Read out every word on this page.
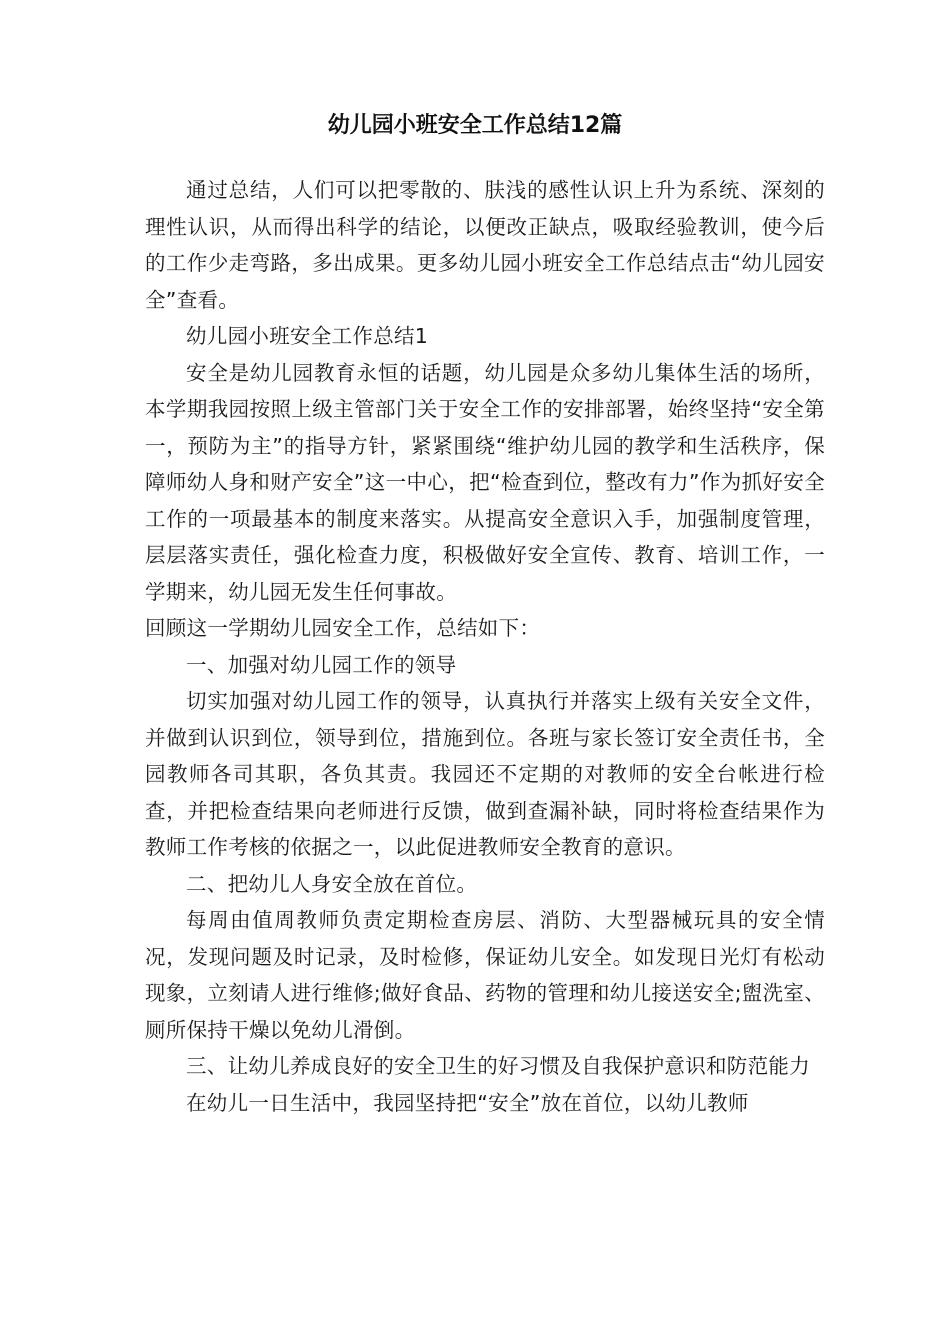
幼儿园小班安全工作总结12篇

通过总结，人们可以把零散的、肤浅的感性认识上升为系统、深刻的理性认识，从而得出科学的结论，以便改正缺点，吸取经验教训，使今后的工作少走弯路，多出成果。更多幼儿园小班安全工作总结点击“幼儿园安全”查看。

幼儿园小班安全工作总结1

安全是幼儿园教育永恒的话题，幼儿园是众多幼儿集体生活的场所，本学期我园按照上级主管部门关于安全工作的安排部署，始终坚持“安全第一，预防为主”的指导方针，紧紧围绕“维护幼儿园的教学和生活秩序，保障师幼人身和财产安全”这一中心，把“检查到位，整改有力”作为抓好安全工作的一项最基本的制度来落实。从提高安全意识入手，加强制度管理，层层落实责任，强化检查力度，积极做好安全宣传、教育、培训工作，一学期来，幼儿园无发生任何事故。

回顾这一学期幼儿园安全工作，总结如下：

一、加强对幼儿园工作的领导

切实加强对幼儿园工作的领导，认真执行并落实上级有关安全文件，并做到认识到位，领导到位，措施到位。各班与家长签订安全责任书，全园教师各司其职，各负其责。我园还不定期的对教师的安全台帐进行检查，并把检查结果向老师进行反馈，做到查漏补缺，同时将检查结果作为教师工作考核的依据之一，以此促进教师安全教育的意识。

二、把幼儿人身安全放在首位。

每周由值周教师负责定期检查房层、消防、大型器械玩具的安全情况，发现问题及时记录，及时检修，保证幼儿安全。如发现日光灯有松动现象，立刻请人进行维修;做好食品、药物的管理和幼儿接送安全;盥洗室、厕所保持干燥以免幼儿滑倒。

三、让幼儿养成良好的安全卫生的好习惯及自我保护意识和防范能力

在幼儿一日生活中，我园坚持把“安全”放在首位，以幼儿教师
